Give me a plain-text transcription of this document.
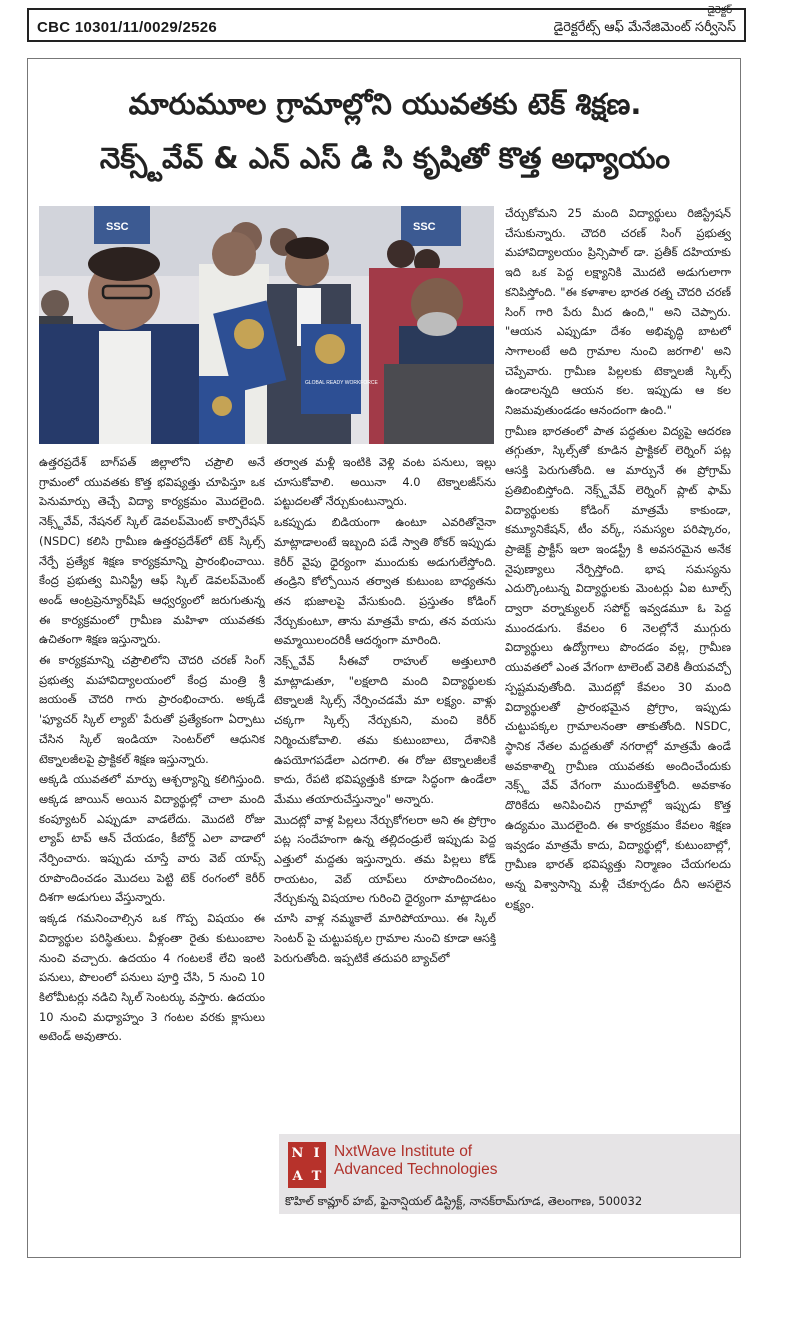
CBC 10301/11/0029/2526
డైరెక్టర్
డైరెక్టరేట్స్ ఆఫ్ మేనేజిమెంట్ సర్వీసెస్
మారుమూల గ్రామాల్లోని యువతకు టెక్ శిక్షణ.
నెక్స్ట్‌వేవ్ & ఎన్ ఎస్ డి సి కృషితో కొత్త అధ్యాయం
SSC	SSC
GLOBAL READY WORKFORCE

ఉత్తరప్రదేశ్ బాగ్‌పత్ జిల్లాలోని చప్రౌలి అనే గ్రామంలో యువతకు కొత్త భవిష్యత్తు చూపిస్తూ ఒక పెనుమార్పు తెచ్చే విద్యా కార్యక్రమం మొదలైంది. నెక్స్ట్‌వేవ్, నేషనల్ స్కిల్ డెవలప్‌మెంట్ కార్పొరేషన్ (NSDC) కలిసి గ్రామీణ ఉత్తరప్రదేశ్‌లో టెక్ స్కిల్స్ నేర్పే ప్రత్యేక శిక్షణ కార్యక్రమాన్ని ప్రారంభించాయి. కేంద్ర ప్రభుత్వ మినిస్ట్రీ ఆఫ్ స్కిల్ డెవలప్‌మెంట్ అండ్ ఆంట్రప్రెన్యూర్‌షిప్ ఆధ్వర్యంలో జరుగుతున్న ఈ కార్యక్రమంలో గ్రామీణ మహిళా యువతకు ఉచితంగా శిక్షణ ఇస్తున్నారు.

ఈ కార్యక్రమాన్ని చప్రౌలిలోని చౌదరి చరణ్ సింగ్ ప్రభుత్వ మహావిద్యాలయంలో కేంద్ర మంత్రి శ్రీ జయంత్ చౌదరి గారు ప్రారంభించారు. అక్కడే 'ఫ్యూచర్ స్కిల్ ల్యాబ్' పేరుతో ప్రత్యేకంగా ఏర్పాటు చేసిన స్కిల్ ఇండియా సెంటర్‌లో ఆధునిక టెక్నాలజీలపై ప్రాక్టికల్ శిక్షణ ఇస్తున్నారు.

అక్కడి యువతలో మార్పు ఆశ్చర్యాన్ని కలిగిస్తుంది. అక్కడ జాయిన్ అయిన విద్యార్థుల్లో చాలా మంది కంప్యూటర్ ఎప్పుడూ వాడలేదు. మొదటి రోజు ల్యాప్ టాప్ ఆన్ చేయడం, కీబోర్డ్ ఎలా వాడాలో నేర్పించారు. ఇప్పుడు చూస్తే వారు వెబ్ యాప్స్ రూపొందించడం మొదలు పెట్టి టెక్ రంగంలో కెరీర్ దిశగా అడుగులు వేస్తున్నారు.

ఇక్కడ గమనించాల్సిన ఒక గొప్ప విషయం ఈ విద్యార్థుల పరిస్థితులు. వీళ్లంతా రైతు కుటుంబాల నుంచి వచ్చారు. ఉదయం 4 గంటలకే లేచి ఇంటి పనులు, పొలంలో పనులు పూర్తి చేసి, 5 నుంచి 10 కిలోమీటర్లు నడిచి స్కిల్ సెంటర్కు వస్తారు. ఉదయం 10 నుంచి మధ్యాహ్నం 3 గంటల వరకు క్లాసులు అటెండ్ అవుతారు.

తర్వాత మళ్లీ ఇంటికి వెళ్లి వంట పనులు, ఇల్లు చూసుకోవాలి. అయినా 4.0 టెక్నాలజీస్‌ను పట్టుదలతో నేర్చుకుంటున్నారు.

ఒకప్పుడు బిడియంగా ఉంటూ ఎవరితోనైనా మాట్లాడాలంటే ఇబ్బంది పడే స్వాతి ఠోకర్ ఇప్పుడు కెరీర్ వైపు ధైర్యంగా ముందుకు అడుగులేస్తోంది. తండ్రిని కోల్పోయిన తర్వాత కుటుంబ బాధ్యతను తన భుజాలపై వేసుకుంది. ప్రస్తుతం కోడింగ్ నేర్చుకుంటూ, తాను మాత్రమే కాదు, తన వయసు అమ్మాయిలందరికీ ఆదర్శంగా మారింది.

నెక్స్ట్‌వేవ్ సీఈవో రాహుల్ అత్తులూరి మాట్లాడుతూ, "లక్షలాది మంది విద్యార్థులకు టెక్నాలజీ స్కిల్స్ నేర్పించడమే మా లక్ష్యం. వాళ్లు చక్కగా స్కిల్స్ నేర్చుకుని, మంచి కెరీర్ నిర్మించుకోవాలి. తమ కుటుంబాలు, దేశానికి ఉపయోగపడేలా ఎదగాలి. ఈ రోజు టెక్నాలజీలకే కాదు, రేపటి భవిష్యత్తుకి కూడా సిద్ధంగా ఉండేలా మేము తయారుచేస్తున్నాం" అన్నారు.

మొదట్లో వాళ్ల పిల్లలు నేర్చుకోగలరా అని ఈ ప్రోగ్రాం పట్ల సందేహంగా ఉన్న తల్లిదండ్రులే ఇప్పుడు పెద్ద ఎత్తులో మద్దతు ఇస్తున్నారు. తమ పిల్లలు కోడ్ రాయటం, వెబ్ యాప్‌లు రూపొందించటం, నేర్చుకున్న విషయాల గురించి ధైర్యంగా మాట్లాడటం చూసి వాళ్ల నమ్మకాలే మారిపోయాయి. ఈ స్కిల్ సెంటర్ పై చుట్టుపక్కల గ్రామాల నుంచి కూడా ఆసక్తి పెరుగుతోంది. ఇప్పటికే తదుపరి బ్యాచ్‌లో

చేర్చుకోమని 25 మంది విద్యార్థులు రిజిస్ట్రేషన్ చేసుకున్నారు. చౌదరి చరణ్ సింగ్ ప్రభుత్వ మహావిద్యాలయం ప్రిన్సిపాల్ డా. ప్రతీక్ దహియాకు ఇది ఒక పెద్ద లక్ష్యానికి మొదటి అడుగులాగా కనిపిస్తోంది. "ఈ కళాశాల భారత రత్న చౌదరి చరణ్ సింగ్ గారి పేరు మీద ఉంది," అని చెప్పారు. "ఆయన ఎప్పుడూ దేశం అభివృద్ధి బాటలో సాగాలంటే అది గ్రామాల నుంచి జరగాలి' అని చెప్పేవారు. గ్రామీణ పిల్లలకు టెక్నాలజీ స్కిల్స్ ఉండాలన్నది ఆయన కల. ఇప్పుడు ఆ కల నిజమవుతుండడం ఆనందంగా ఉంది."

గ్రామీణ భారతంలో పాత పద్ధతుల విద్యపై ఆదరణ తగ్గుతూ, స్కిల్స్‌తో కూడిన ప్రాక్టికల్ లెర్నింగ్ పట్ల ఆసక్తి పెరుగుతోంది. ఆ మార్పునే ఈ ప్రోగ్రామ్ ప్రతిబింబిస్తోంది. నెక్స్ట్‌వేవ్ లెర్నింగ్ ప్లాట్ ఫామ్ విద్యార్థులకు కోడింగ్ మాత్రమే కాకుండా, కమ్యూనికేషన్, టీం వర్క్, సమస్యల పరిష్కారం, ప్రాజెక్ట్ ప్రాక్టీస్ ఇలా ఇండస్ట్రీ కి అవసరమైన అనేక నైపుణ్యాలు నేర్పిస్తోంది. భాష సమస్యను ఎదుర్కొంటున్న విద్యార్థులకు మెంటర్లు ఏఐ టూల్స్ ద్వారా వర్నాక్యులర్ సపోర్ట్ ఇవ్వడమూ ఓ పెద్ద ముందడుగు. కేవలం 6 నెలల్లోనే ముగ్గురు విద్యార్థులు ఉద్యోగాలు పొందడం వల్ల, గ్రామీణ యువతలో ఎంత వేగంగా టాలెంట్ వెలికి తీయవచ్చో స్పష్టమవుతోంది. మొదట్లో కేవలం 30 మంది విద్యార్థులతో ప్రారంభమైన ప్రోగ్రాం, ఇప్పుడు చుట్టుపక్కల గ్రామాలనంతా తాకుతోంది. NSDC, స్థానిక నేతల మద్దతుతో నగరాల్లో మాత్రమే ఉండే అవకాశాల్ని గ్రామీణ యువతకు అందించేందుకు నెక్స్ట్ వేవ్ వేగంగా ముందుకెళ్తోంది. అవకాశం దొరికేదు అనిపించిన గ్రామాల్లో ఇప్పుడు కొత్త ఉద్యమం మొదలైంది. ఈ కార్యక్రమం కేవలం శిక్షణ ఇవ్వడం మాత్రమే కాదు, విద్యార్థుల్లో, కుటుంబాల్లో, గ్రామీణ భారత్ భవిష్యత్తు నిర్మాణం చేయగలదు అన్న విశ్వాసాన్ని మళ్లీ చేకూర్చడం దీని అసలైన లక్ష్యం.

N I
A T
NxtWave Institute of
Advanced Technologies
కొహిల్ కావ్లూర్ హబ్, ఫైనాన్షియల్ డిస్ట్రిక్ట్, నానక్‌రామ్‌గూడ, తెలంగాణ, 500032
